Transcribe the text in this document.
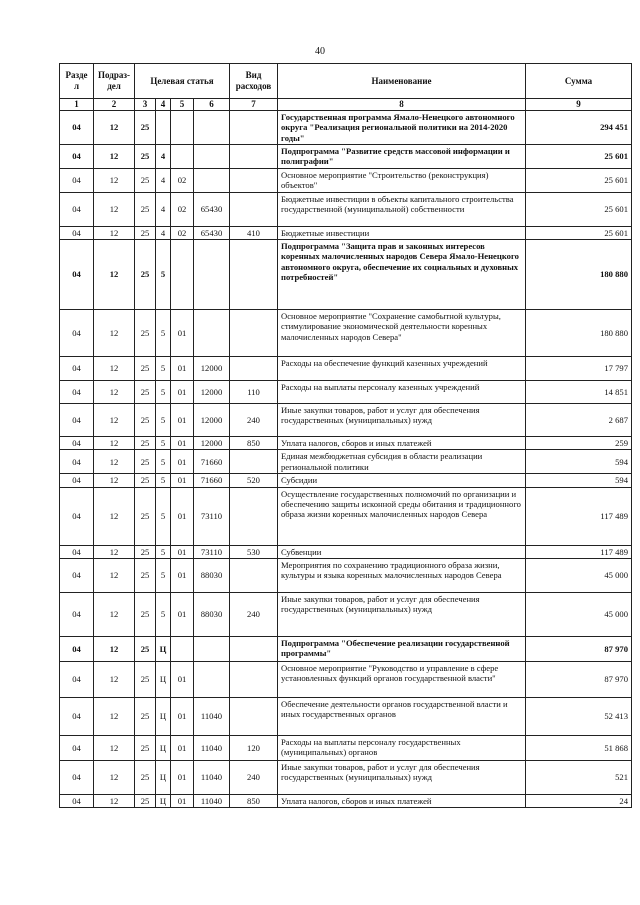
40
Разде л	Подраз- дел	Целевая статья				Вид расходов	Наименование	Сумма
1	2	3	4	5	6	7	8	9
04	12	25					Государственная программа Ямало-Ненецкого автономного округа "Реализация региональной политики на 2014-2020 годы"	294 451
04	12	25	4				Подпрограмма "Развитие средств массовой информации и полиграфии"	25 601
04	12	25	4	02			Основное мероприятие "Строительство (реконструкция) объектов"	25 601
04	12	25	4	02	65430		Бюджетные инвестиции в объекты капитального строительства государственной (муниципальной) собственности	25 601
04	12	25	4	02	65430	410	Бюджетные инвестиции	25 601
04	12	25	5				Подпрограмма "Защита прав и законных интересов коренных малочисленных народов Севера Ямало-Ненецкого автономного округа, обеспечение их социальных и духовных потребностей"	180 880
04	12	25	5	01			Основное мероприятие "Сохранение самобытной культуры, стимулирование экономической деятельности коренных малочисленных народов Севера"	180 880
04	12	25	5	01	12000		Расходы на обеспечение функций казенных учреждений	17 797
04	12	25	5	01	12000	110	Расходы на выплаты персоналу казенных учреждений	14 851
04	12	25	5	01	12000	240	Иные закупки товаров, работ и услуг для обеспечения государственных (муниципальных) нужд	2 687
04	12	25	5	01	12000	850	Уплата налогов, сборов и иных платежей	259
04	12	25	5	01	71660		Единая межбюджетная субсидия в области реализации региональной политики	594
04	12	25	5	01	71660	520	Субсидии	594
04	12	25	5	01	73110		Осуществление государственных полномочий по организации и обеспечению защиты исконной среды обитания и традиционного образа жизни коренных малочисленных народов Севера	117 489
04	12	25	5	01	73110	530	Субвенции	117 489
04	12	25	5	01	88030		Мероприятия по сохранению традиционного образа жизни, культуры и языка коренных малочисленных народов Севера	45 000
04	12	25	5	01	88030	240	Иные закупки товаров, работ и услуг для обеспечения государственных (муниципальных) нужд	45 000
04	12	25	Ц				Подпрограмма "Обеспечение реализации государственной программы"	87 970
04	12	25	Ц	01			Основное мероприятие "Руководство и управление в сфере установленных функций органов государственной власти"	87 970
04	12	25	Ц	01	11040		Обеспечение деятельности органов государственной власти и иных государственных органов	52 413
04	12	25	Ц	01	11040	120	Расходы на выплаты персоналу государственных (муниципальных) органов	51 868
04	12	25	Ц	01	11040	240	Иные закупки товаров, работ и услуг для обеспечения государственных (муниципальных) нужд	521
04	12	25	Ц	01	11040	850	Уплата налогов, сборов и иных платежей	24
